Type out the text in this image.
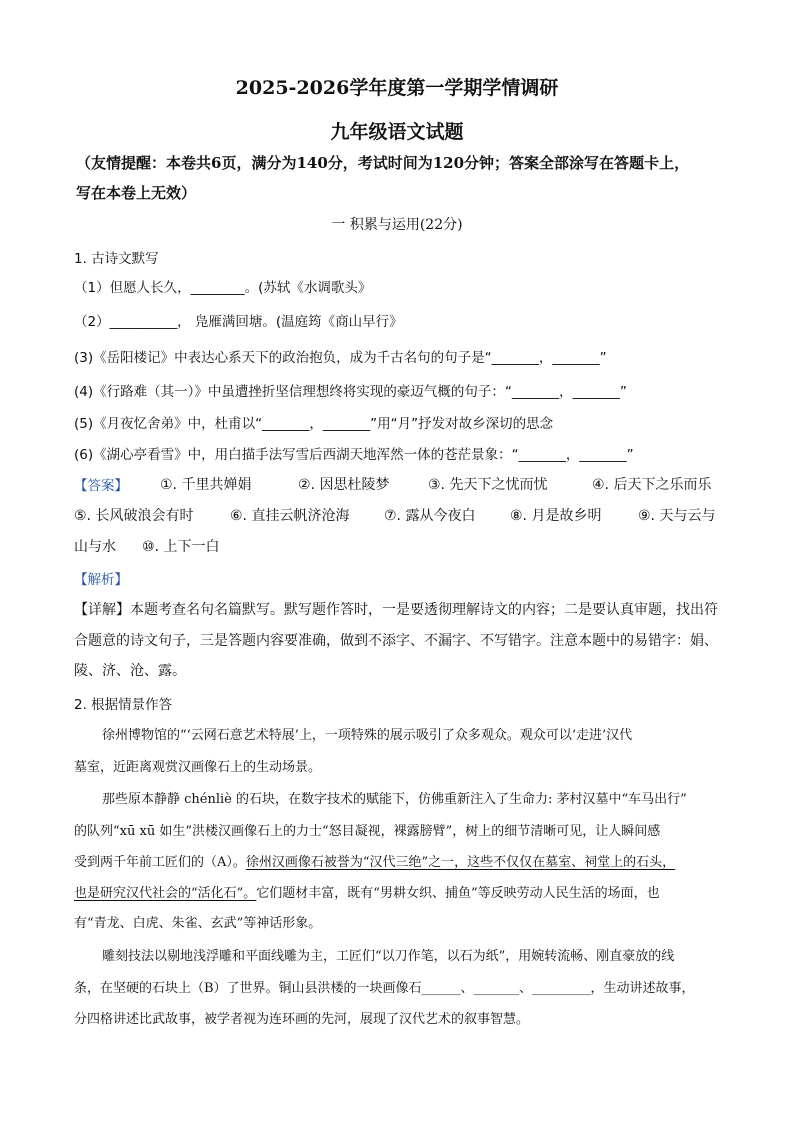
2025-2026学年度第一学期学情调研
九年级语文试题
（友情提醒：本卷共6页，满分为140分，考试时间为120分钟；答案全部涂写在答题卡上，
写在本卷上无效）
一 积累与运用(22分)
1. 古诗文默写
（1）但愿人长久，________。(苏轼《水调歌头》
（2）__________， 凫雁满回塘。(温庭筠《商山早行》
(3)《岳阳楼记》中表达心系天下的政治抱负，成为千古名句的句子是“_______，_______”
(4)《行路难（其一）》中虽遭挫折坚信理想终将实现的豪迈气概的句子：“_______，_______”
(5)《月夜忆舍弟》中，杜甫以“_______，_______”用“月”抒发对故乡深切的思念
(6)《湖心亭看雪》中，用白描手法写雪后西湖天地浑然一体的苍茫景象：“_______，_______”
【答案】 ①. 千里共婵娟	②. 因思杜陵梦	③. 先天下之忧而忧	④. 后天下之乐而乐
⑤. 长风破浪会有时	⑥. 直挂云帆济沧海 ⑦. 露从今夜白 ⑧. 月是故乡明	⑨. 天与云与
山与水 ⑩. 上下一白
【解析】
【详解】本题考查名句名篇默写。默写题作答时，一是要透彻理解诗文的内容；二是要认真审题，找出符
合题意的诗文句子，三是答题内容要准确，做到不添字、不漏字、不写错字。注意本题中的易错字：娟、
陵、济、沧、露。
2. 根据情景作答
徐州博物馆的“‘云网石意艺术特展’上，一项特殊的展示吸引了众多观众。观众可以‘走进’汉代
墓室，近距离观赏汉画像石上的生动场景。
那些原本静静 chénliè 的石块，在数字技术的赋能下，仿佛重新注入了生命力: 茅村汉墓中“车马出行”
的队列“xū xū 如生”洪楼汉画像石上的力士“怒目凝视，裸露膀臂”，树上的细节清晰可见，让人瞬间感
受到两千年前工匠们的（A）。徐州汉画像石被誉为“汉代三绝”之一，这些不仅仅在墓室、祠堂上的石头，
也是研究汉代社会的“活化石”。它们题材丰富，既有“男耕女织、捕鱼”等反映劳动人民生活的场面，也
有“青龙、白虎、朱雀、玄武”等神话形象。
雕刻技法以剔地浅浮雕和平面线雕为主，工匠们“以刀作笔，以石为纸”，用婉转流畅、刚直豪放的线
条，在坚硬的石块上（B）了世界。铜山县洪楼的一块画像石______、_______、_________，生动讲述故事，
分四格讲述比武故事，被学者视为连环画的先河，展现了汉代艺术的叙事智慧。
